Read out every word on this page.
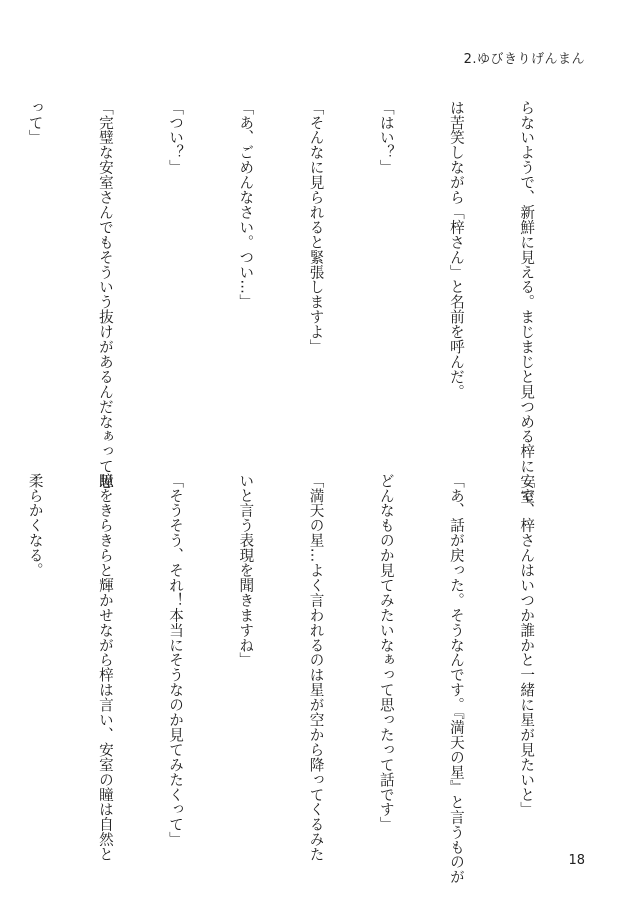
2.ゆびきりげんまん

らないようで、新鮮に見える。まじまじと見つめる梓に安室

は苦笑しながら「梓さん」と名前を呼んだ。

「はい？」

「そんなに見られると緊張しますよ」

「あ、ごめんなさい。つい…」

「つい？」

「完璧な安室さんでもそういう抜けがあるんだなぁって思

って」

「で、梓さんはいつか誰かと一緒に星が見たいと」

「あ、話が戻った。そうなんです。『満天の星』と言うものが

どんなものか見てみたいなぁって思ったって話です」

「満天の星…よく言われるのは星が空から降ってくるみた

いと言う表現を聞きますね」

「そうそう、それ！本当にそうなのか見てみたくって」

瞳をきらきらと輝かせながら梓は言い、安室の瞳は自然と

柔らかくなる。

18
